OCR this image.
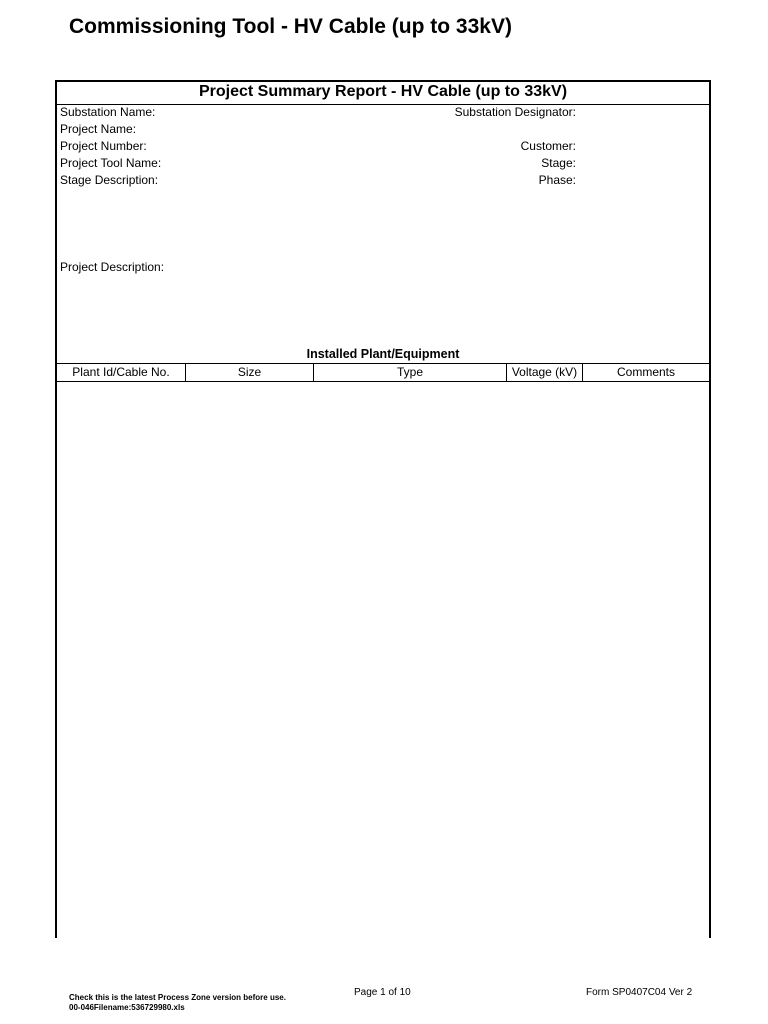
Commissioning Tool - HV Cable (up to 33kV)
Project Summary Report - HV Cable (up to 33kV)
Substation Name:	Substation Designator:
Project Name:
Project Number:	Customer:
Project Tool Name:	Stage:
Stage Description:	Phase:
Project Description:
Installed Plant/Equipment
Plant Id/Cable No.	Size	Type	Voltage (kV)	Comments
Check this is the latest Process Zone version before use.
00-046Filename:536729980.xls
Page 1 of 10	Form SP0407C04 Ver 2
